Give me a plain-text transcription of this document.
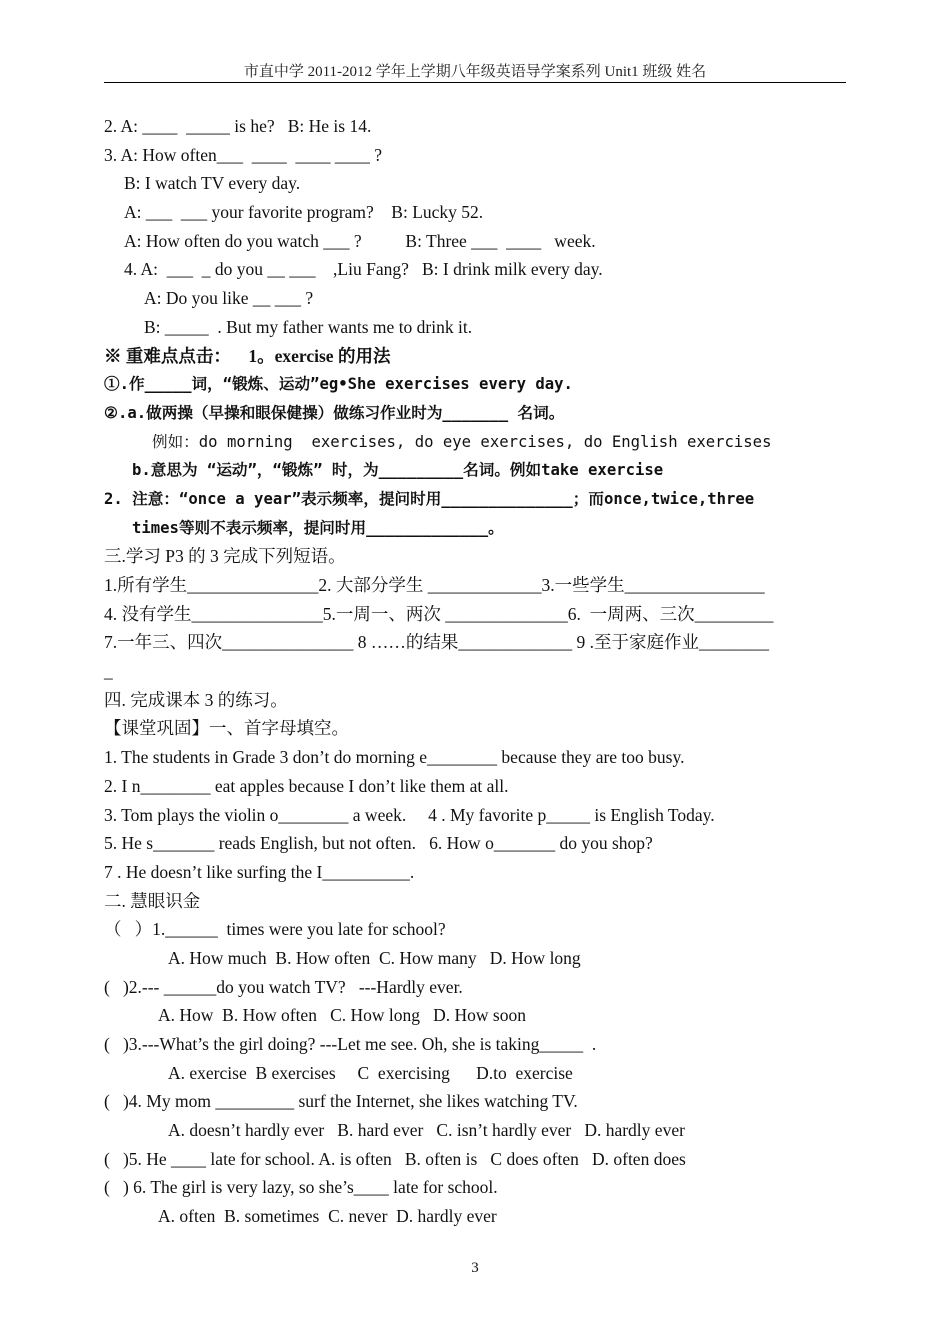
市直中学 2011-2012 学年上学期八年级英语导学案系列 Unit1 班级 姓名
2. A: ____  _____ is he?   B: He is 14.
3. A: How often___  ____  ____ ____ ?
B: I watch TV every day.
A: ___  ___ your favorite program?    B: Lucky 52.
A: How often do you watch ___ ?          B: Three ___  ____   week.
4. A:  ___  _ do you __ ___    ,Liu Fang?   B: I drink milk every day.
A: Do you like __ ___ ?
B: _____  . But my father wants me to drink it.
※ 重难点点击：    1。exercise 的用法
①.作_____词，“锻炼、运动”eg•She exercises every day.
②.a.做两操（早操和眼保健操）做练习作业时为_______ 名词。
例如：do morning  exercises, do eye exercises, do English exercises
b.意思为 “运动”，“锻炼” 时，为_________名词。例如take exercise
2. 注意：“once a year”表示频率，提问时用______________；而once,twice,three
times等则不表示频率，提问时用_____________。
三.学习 P3 的 3 完成下列短语。
1.所有学生_______________2. 大部分学生 _____________3.一些学生________________
4. 没有学生_______________5.一周一、两次 ______________6.  一周两、三次_________
7.一年三、四次_______________ 8 ……的结果_____________ 9 .至于家庭作业________
_
四. 完成课本 3 的练习。
【课堂巩固】一、首字母填空。
1. The students in Grade 3 don’t do morning e________ because they are too busy.
2. I n________ eat apples because I don’t like them at all.
3. Tom plays the violin o________ a week.     4 . My favorite p_____ is English Today.
5. He s_______ reads English, but not often.   6. How o_______ do you shop?
7 . He doesn’t like surfing the I__________.
二. 慧眼识金
（   ）1.______  times were you late for school?
A. How much  B. How often  C. How many   D. How long
(   )2.--- ______do you watch TV?   ---Hardly ever.
A. How  B. How often   C. How long   D. How soon
(   )3.---What’s the girl doing? ---Let me see. Oh, she is taking_____  .
A. exercise  B exercises     C  exercising      D.to  exercise
(   )4. My mom _________ surf the Internet, she likes watching TV.
A. doesn’t hardly ever   B. hard ever   C. isn’t hardly ever   D. hardly ever
(   )5. He ____ late for school. A. is often   B. often is   C does often   D. often does
(   ) 6. The girl is very lazy, so she’s____ late for school.
A. often  B. sometimes  C. never  D. hardly ever
3
